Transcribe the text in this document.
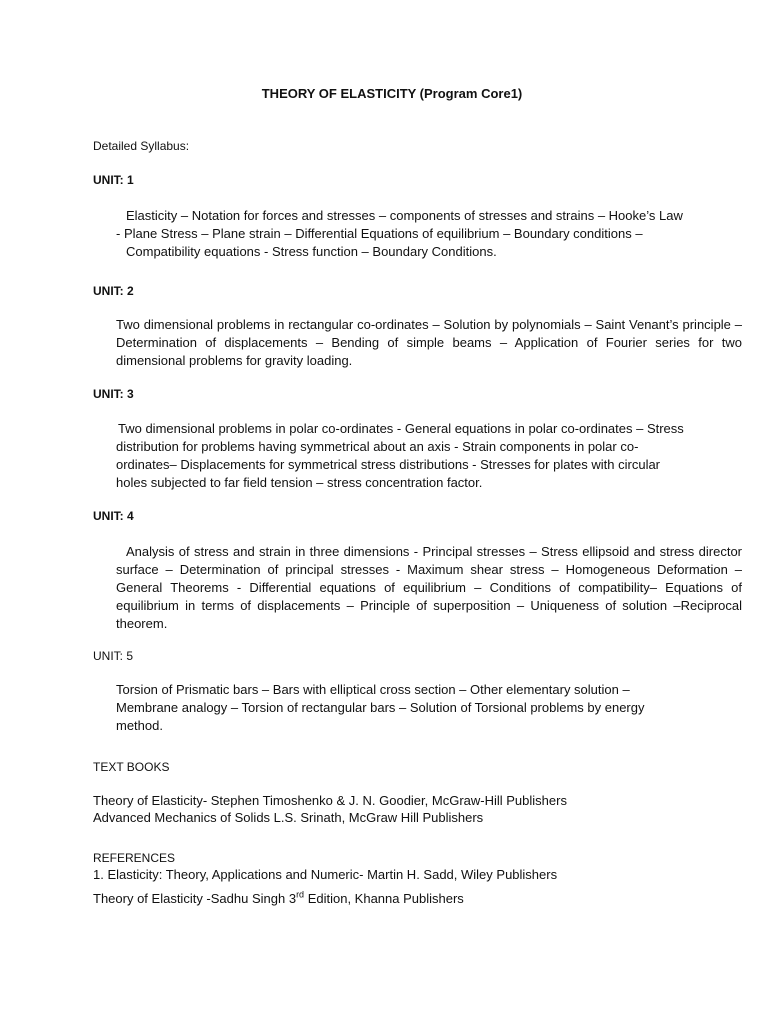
THEORY OF ELASTICITY (Program Core1)

Detailed Syllabus:

UNIT: 1

Elasticity – Notation for forces and stresses – components of stresses and strains – Hooke’s Law

- Plane Stress – Plane strain – Differential Equations of equilibrium – Boundary conditions –

Compatibility equations - Stress function – Boundary Conditions.

UNIT: 2

Two dimensional problems in rectangular co-ordinates – Solution by polynomials – Saint Venant’s principle – Determination of displacements – Bending of simple beams – Application of Fourier series for two dimensional problems for gravity loading.

UNIT: 3

Two dimensional problems in polar co-ordinates - General equations in polar co-ordinates – Stress

distribution for problems having symmetrical about an axis - Strain components in polar co-

ordinates– Displacements for symmetrical stress distributions - Stresses for plates with circular

holes subjected to far field tension – stress concentration factor.

UNIT: 4

Analysis of stress and strain in three dimensions - Principal stresses – Stress ellipsoid and stress director surface – Determination of principal stresses - Maximum shear stress – Homogeneous Deformation – General Theorems - Differential equations of equilibrium – Conditions of compatibility– Equations of equilibrium in terms of displacements – Principle of superposition – Uniqueness of solution –Reciprocal theorem.

UNIT: 5

Torsion of Prismatic bars – Bars with elliptical cross section – Other elementary solution –

Membrane analogy – Torsion of rectangular bars – Solution of Torsional problems by energy

method.

TEXT BOOKS

Theory of Elasticity- Stephen Timoshenko & J. N. Goodier, McGraw-Hill Publishers

Advanced Mechanics of Solids L.S. Srinath, McGraw Hill Publishers

REFERENCES

1. Elasticity: Theory, Applications and Numeric- Martin H. Sadd, Wiley Publishers

Theory of Elasticity -Sadhu Singh 3rd Edition, Khanna Publishers
